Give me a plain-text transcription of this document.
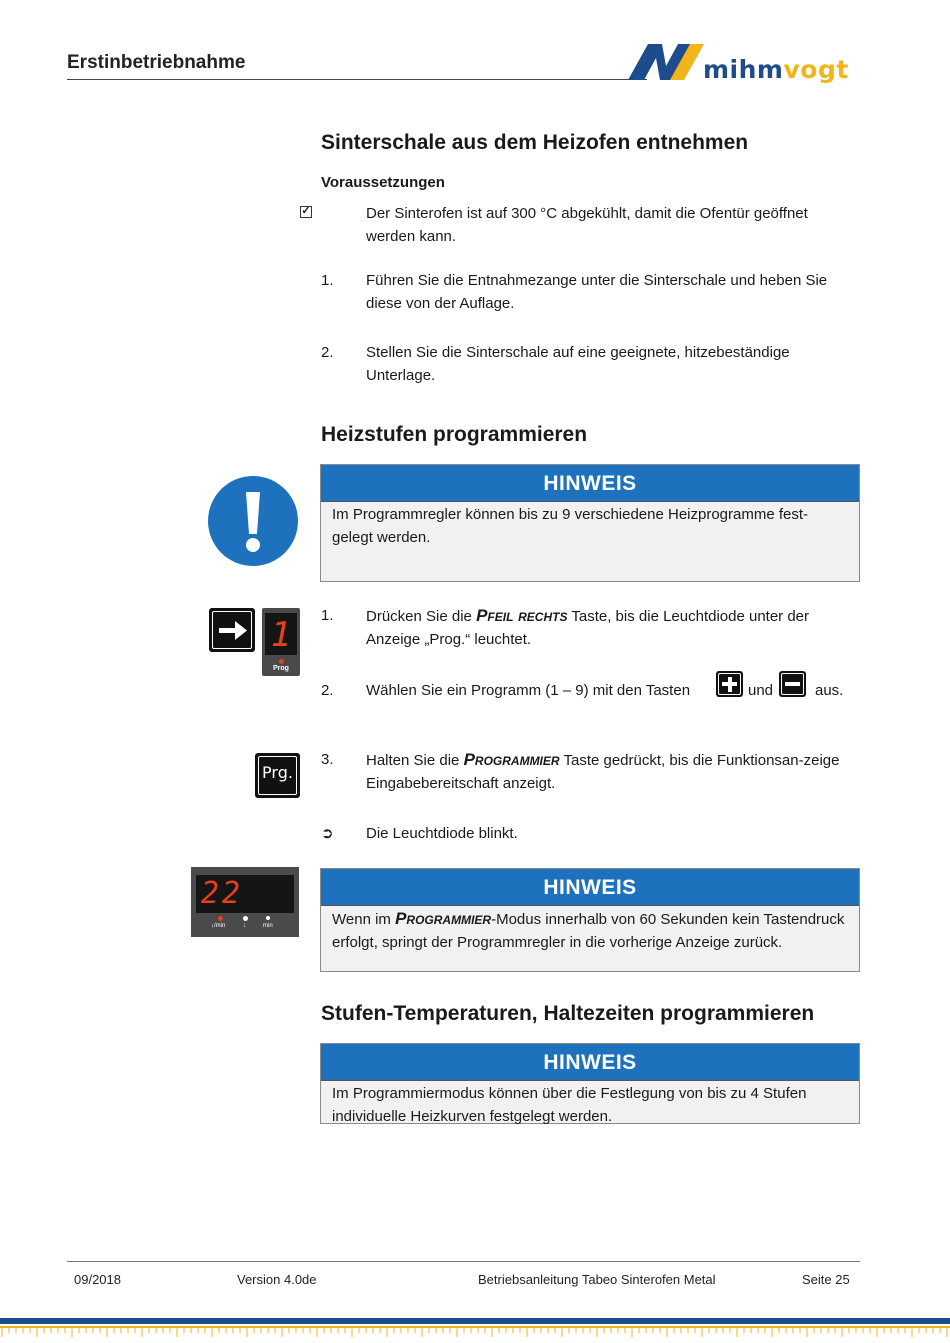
Erstinbetriebnahme	mihmvogt
Sinterschale aus dem Heizofen entnehmen
Voraussetzungen
✓	Der Sinterofen ist auf 300 °C abgekühlt, damit die Ofentür geöffnet werden kann.
1. Führen Sie die Entnahmezange unter die Sinterschale und heben Sie diese von der Auflage.
2. Stellen Sie die Sinterschale auf eine geeignete, hitzebeständige Unterlage.
Heizstufen programmieren
HINWEIS
Im Programmregler können bis zu 9 verschiedene Heizprogramme fest-gelegt werden.
1
Prog
1. Drücken Sie die Pfeil rechts Taste, bis die Leuchtdiode unter der Anzeige „Prog.“ leuchtet.
2. Wählen Sie ein Programm (1 – 9) mit den Tasten	und	aus.
Prg.
3. Halten Sie die Programmier Taste gedrückt, bis die Funktionsan-zeige Eingabebereitschaft anzeigt.
➲ Die Leuchtdiode blinkt.
22
↓/min	↓	min
HINWEIS
Wenn im Programmier-Modus innerhalb von 60 Sekunden kein Tastendruck erfolgt, springt der Programmregler in die vorherige Anzeige zurück.
Stufen-Temperaturen, Haltezeiten programmieren
HINWEIS
Im Programmiermodus können über die Festlegung von bis zu 4 Stufen individuelle Heizkurven festgelegt werden.
09/2018	Version 4.0de	Betriebsanleitung Tabeo Sinterofen Metal	Seite 25
